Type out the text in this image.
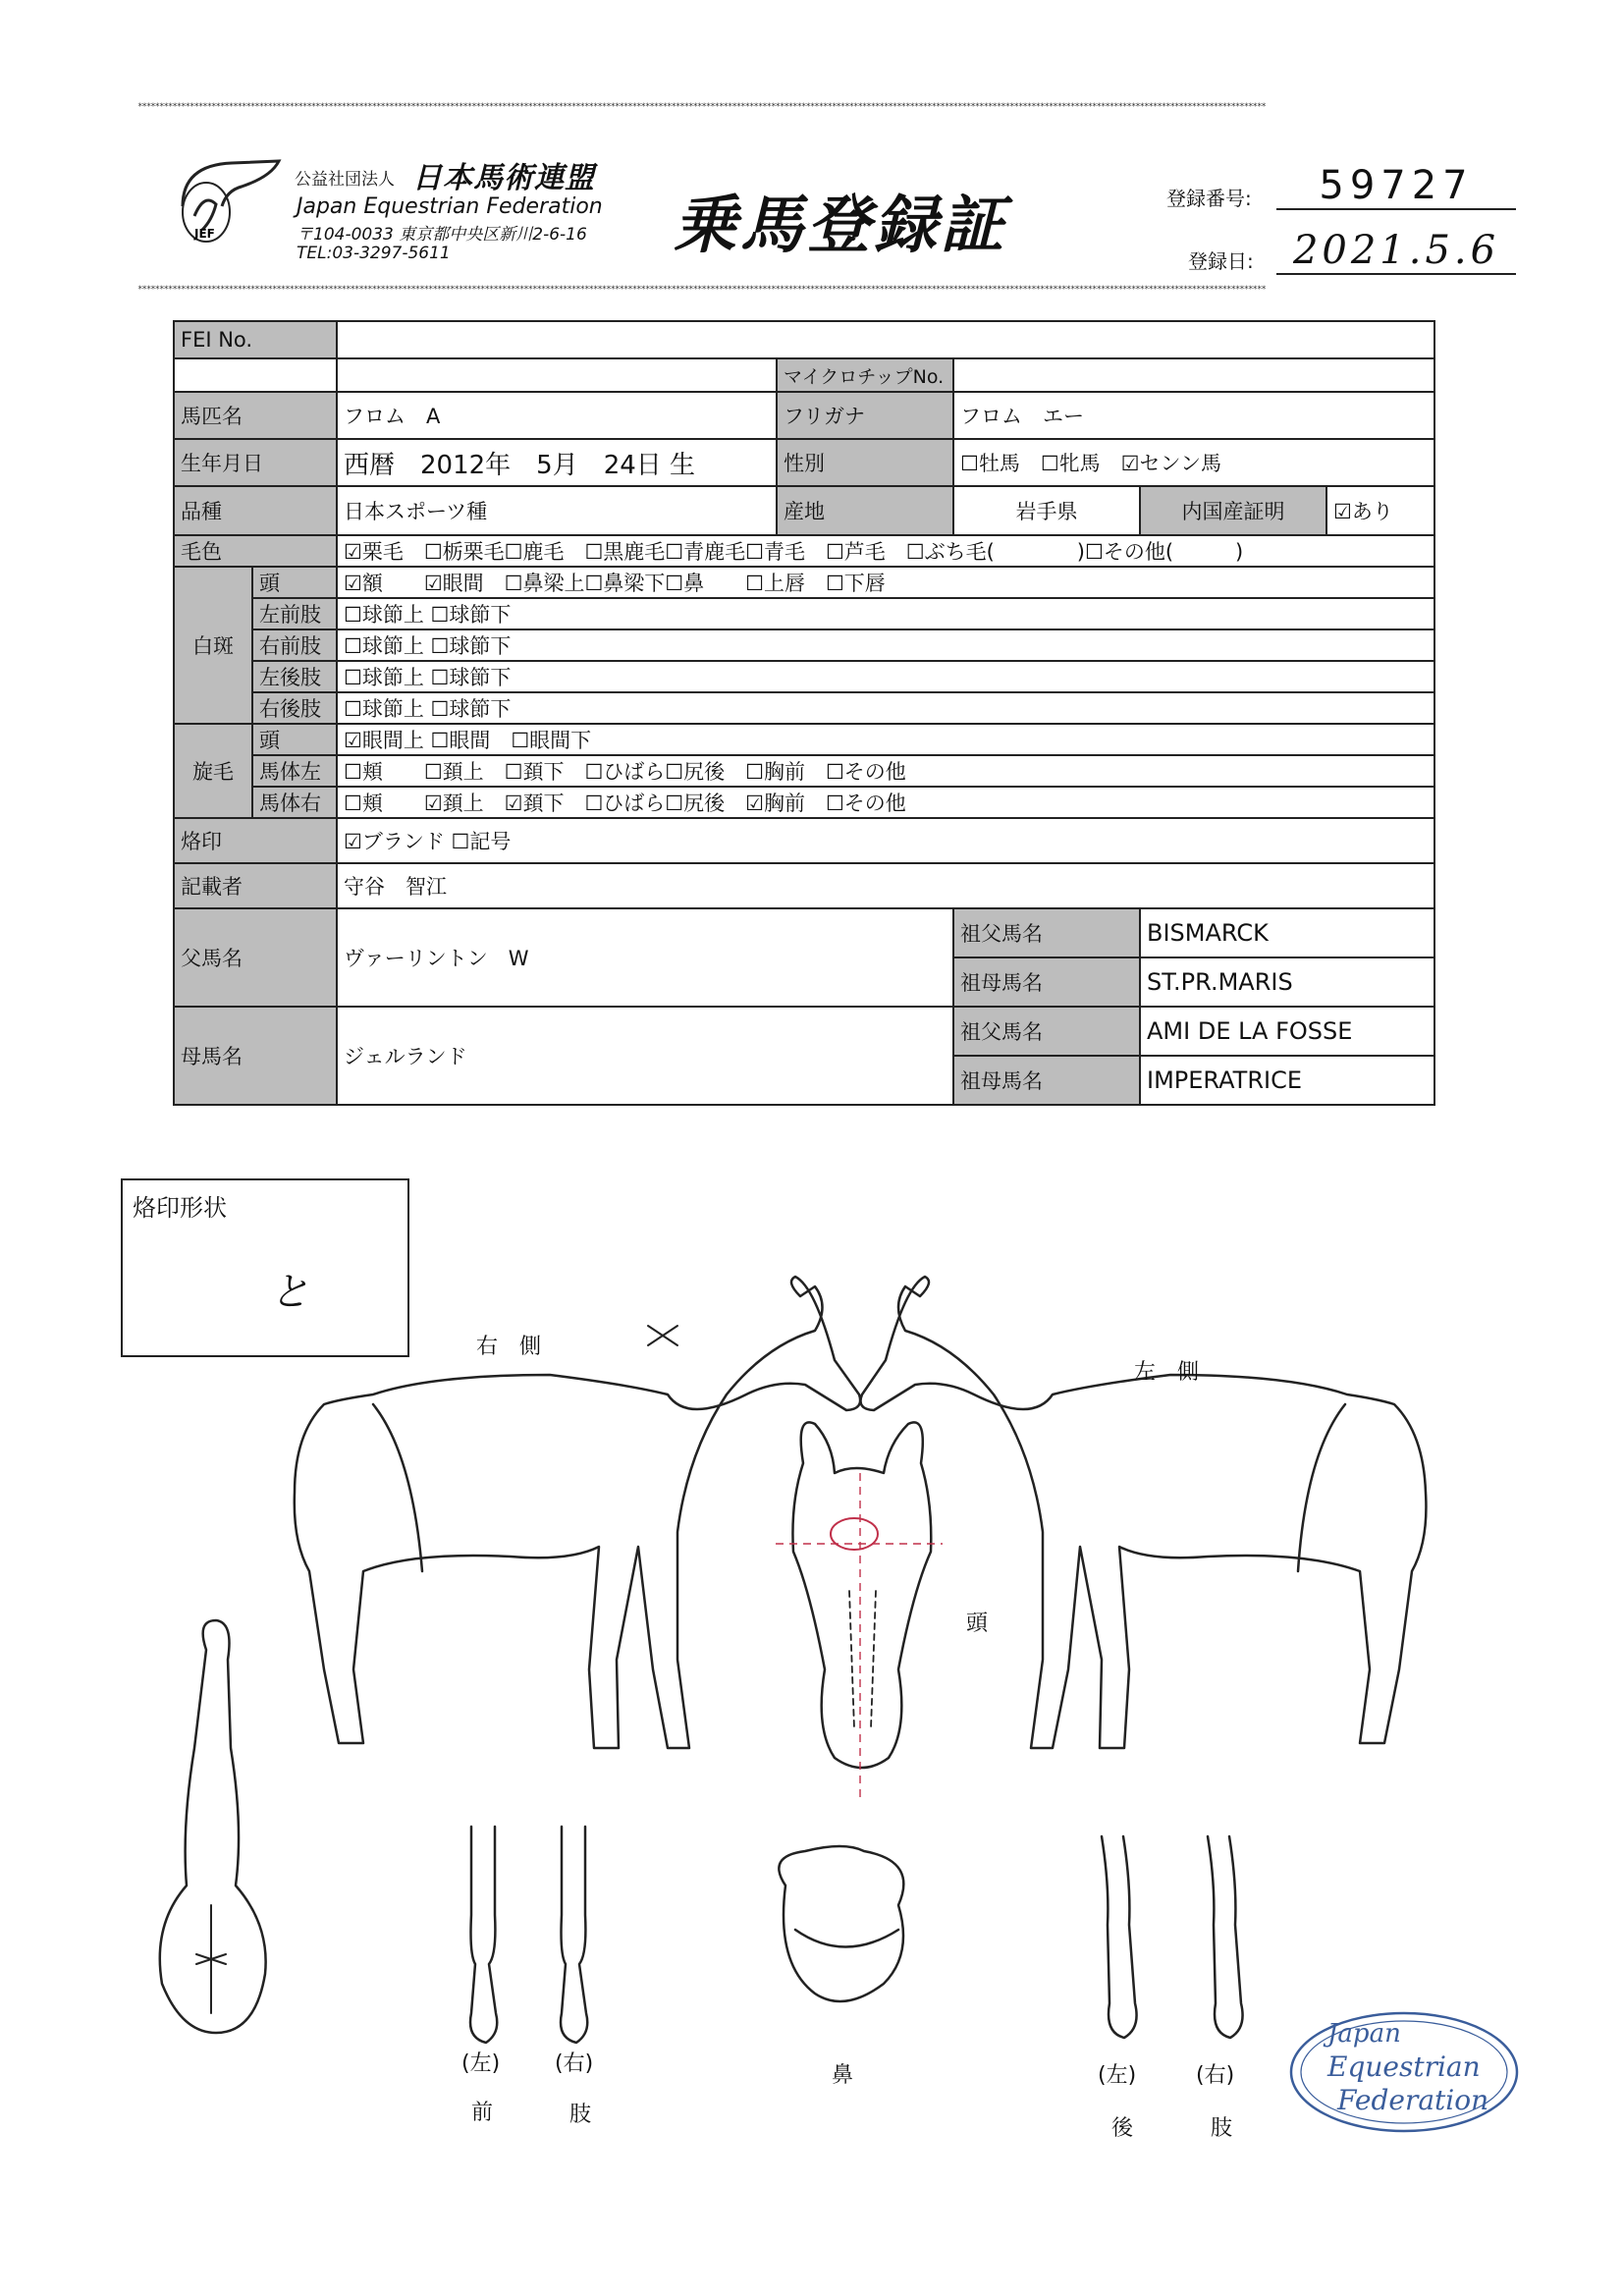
********************************************************************************************************************************************************************************************************************************************************************
********************************************************************************************************************************************************************************************************************************************************************
JEF
公益社団法人 日本馬術連盟
Japan Equestrian Federation
〒104-0033 東京都中央区新川2-6-16
TEL:03-3297-5611	乗馬登録証	登録番号:	59727
登録日:	2021.5.6
FEI No.						
			マイクロチップNo.			
馬匹名		フロム　A	フリガナ	フロム　エー		
生年月日		西暦　2012年　5月　24日 生	性別	☐牡馬　☐牝馬　☑センン馬		
品種		日本スポーツ種	産地	岩手県	内国産証明	☑あり
毛色		☑栗毛　☐栃栗毛☐鹿毛　☐黒鹿毛☐青鹿毛☐青毛　☐芦毛　☐ぶち毛(　　　　)☐その他(　　　)				
白斑	頭	☑額　　☑眼間　☐鼻梁上☐鼻梁下☐鼻　　☐上唇　☐下唇				
	左前肢	☐球節上 ☐球節下				
	右前肢	☐球節上 ☐球節下				
	左後肢	☐球節上 ☐球節下				
	右後肢	☐球節上 ☐球節下				
旋毛	頭	☑眼間上 ☐眼間　☐眼間下				
	馬体左	☐頬　　☐頚上　☐頚下　☐ひばら☐尻後　☐胸前　☐その他				
	馬体右	☐頬　　☑頚上　☑頚下　☐ひばら☐尻後　☑胸前　☐その他				
烙印		☑ブランド ☐記号				
記載者		守谷　智江				
父馬名		ヴァーリントン　W		祖父馬名	BISMARCK	
				祖母馬名	ST.PR.MARIS	
母馬名		ジェルランド		祖父馬名	AMI DE LA FOSSE	
				祖母馬名	IMPERATRICE	
烙印形状
と
右　側
左　側
頭
鼻
(左)	(右)
前	肢
(左)	(右)
後	肢
Japan
Equestrian
Federation
